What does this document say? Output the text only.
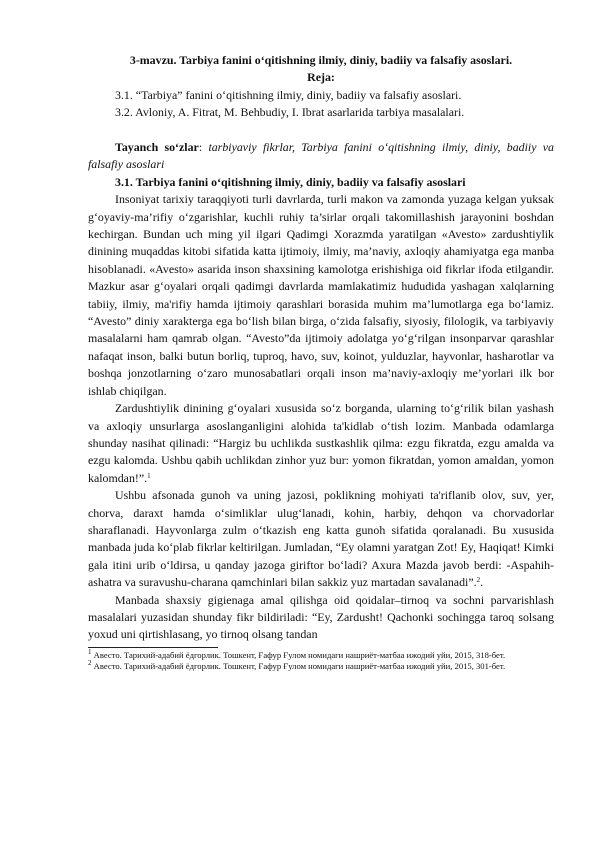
3-mavzu. Tarbiya fanini o‘qitishning ilmiy, diniy, badiiy va falsafiy asoslari.
Reja:
3.1. “Tarbiya” fanini o‘qitishning ilmiy, diniy, badiiy va falsafiy asoslari.
3.2. Avloniy, A. Fitrat, M. Behbudiy, I. Ibrat asarlarida tarbiya masalalari.
Tayanch so‘zlar: tarbiyaviy fikrlar, Tarbiya fanini o‘qitishning ilmiy, diniy, badiiy va falsafiy asoslari
3.1. Tarbiya fanini o‘qitishning ilmiy, diniy, badiiy va falsafiy asoslari
Insoniyat tarixiy taraqqiyoti turli davrlarda, turli makon va zamonda yuzaga kelgan yuksak g‘oyaviy-ma’rifiy o‘zgarishlar, kuchli ruhiy ta’sirlar orqali takomillashish jarayonini boshdan kechirgan. Bundan uch ming yil ilgari Qadimgi Xorazmda yaratilgan «Avesto» zardushtiylik dinining muqaddas kitobi sifatida katta ijtimoiy, ilmiy, ma’naviy, axloqiy ahamiyatga ega manba hisoblanadi. «Avesto» asarida inson shaxsining kamolotga erishishiga oid fikrlar ifoda etilgandir. Mazkur asar g‘oyalari orqali qadimgi davrlarda mamlakatimiz hududida yashagan xalqlarning tabiiy, ilmiy, ma'rifiy hamda ijtimoiy qarashlari borasida muhim ma’lumotlarga ega bo‘lamiz. “Avesto” diniy xarakterga ega bo‘lish bilan birga, o‘zida falsafiy, siyosiy, filologik, va tarbiyaviy masalalarni ham qamrab olgan. “Avesto”da ijtimoiy adolatga yo‘g‘rilgan insonparvar qarashlar nafaqat inson, balki butun borliq, tuproq, havo, suv, koinot, yulduzlar, hayvonlar, hasharotlar va boshqa jonzotlarning o‘zaro munosabatlari orqali inson ma’naviy-axloqiy me’yorlari ilk bor ishlab chiqilgan.
Zardushtiylik dinining g‘oyalari xususida so‘z borganda, ularning to‘g‘rilik bilan yashash va axloqiy unsurlarga asoslanganligini alohida ta'kidlab o‘tish lozim. Manbada odamlarga shunday nasihat qilinadi: “Hargiz bu uchlikda sustkashlik qilma: ezgu fikratda, ezgu amalda va ezgu kalomda. Ushbu qabih uchlikdan zinhor yuz bur: yomon fikratdan, yomon amaldan, yomon kalomdan!”.$^1$
Ushbu afsonada gunoh va uning jazosi, poklikning mohiyati ta'riflanib olov, suv, yer, chorva, daraxt hamda o‘simliklar ulug‘lanadi, kohin, harbiy, dehqon va chorvadorlar sharaflanadi. Hayvonlarga zulm o‘tkazish eng katta gunoh sifatida qoralanadi. Bu xususida manbada juda ko‘plab fikrlar keltirilgan. Jumladan, “Ey olamni yaratgan Zot! Ey, Haqiqat! Kimki gala itini urib o‘ldirsa, u qanday jazoga giriftor bo‘ladi? Axura Mazda javob berdi: -Aspahih-ashatra va suravushu-charana qamchinlari bilan sakkiz yuz martadan savalanadi”.$^2$.
Manbada shaxsiy gigienaga amal qilishga oid qoidalar–tirnoq va sochni parvarishlash masalalari yuzasidan shunday fikr bildiriladi: “Ey, Zardusht! Qachonki sochingga taroq solsang yoxud uni qirtishlasang, yo tirnoq olsang tandan
$^1$ Авесто. Тарихий-адабий ёдгорлик. Тошкент, Ғафур Ғулом номидаги нашриёт-матбаа ижодий уйи, 2015, 318-бет.
$^2$ Авесто. Тарихий-адабий ёдгорлик. Тошкент, Ғафур Ғулом номидаги нашриёт-матбаа ижодий уйи, 2015, 301-бет.
